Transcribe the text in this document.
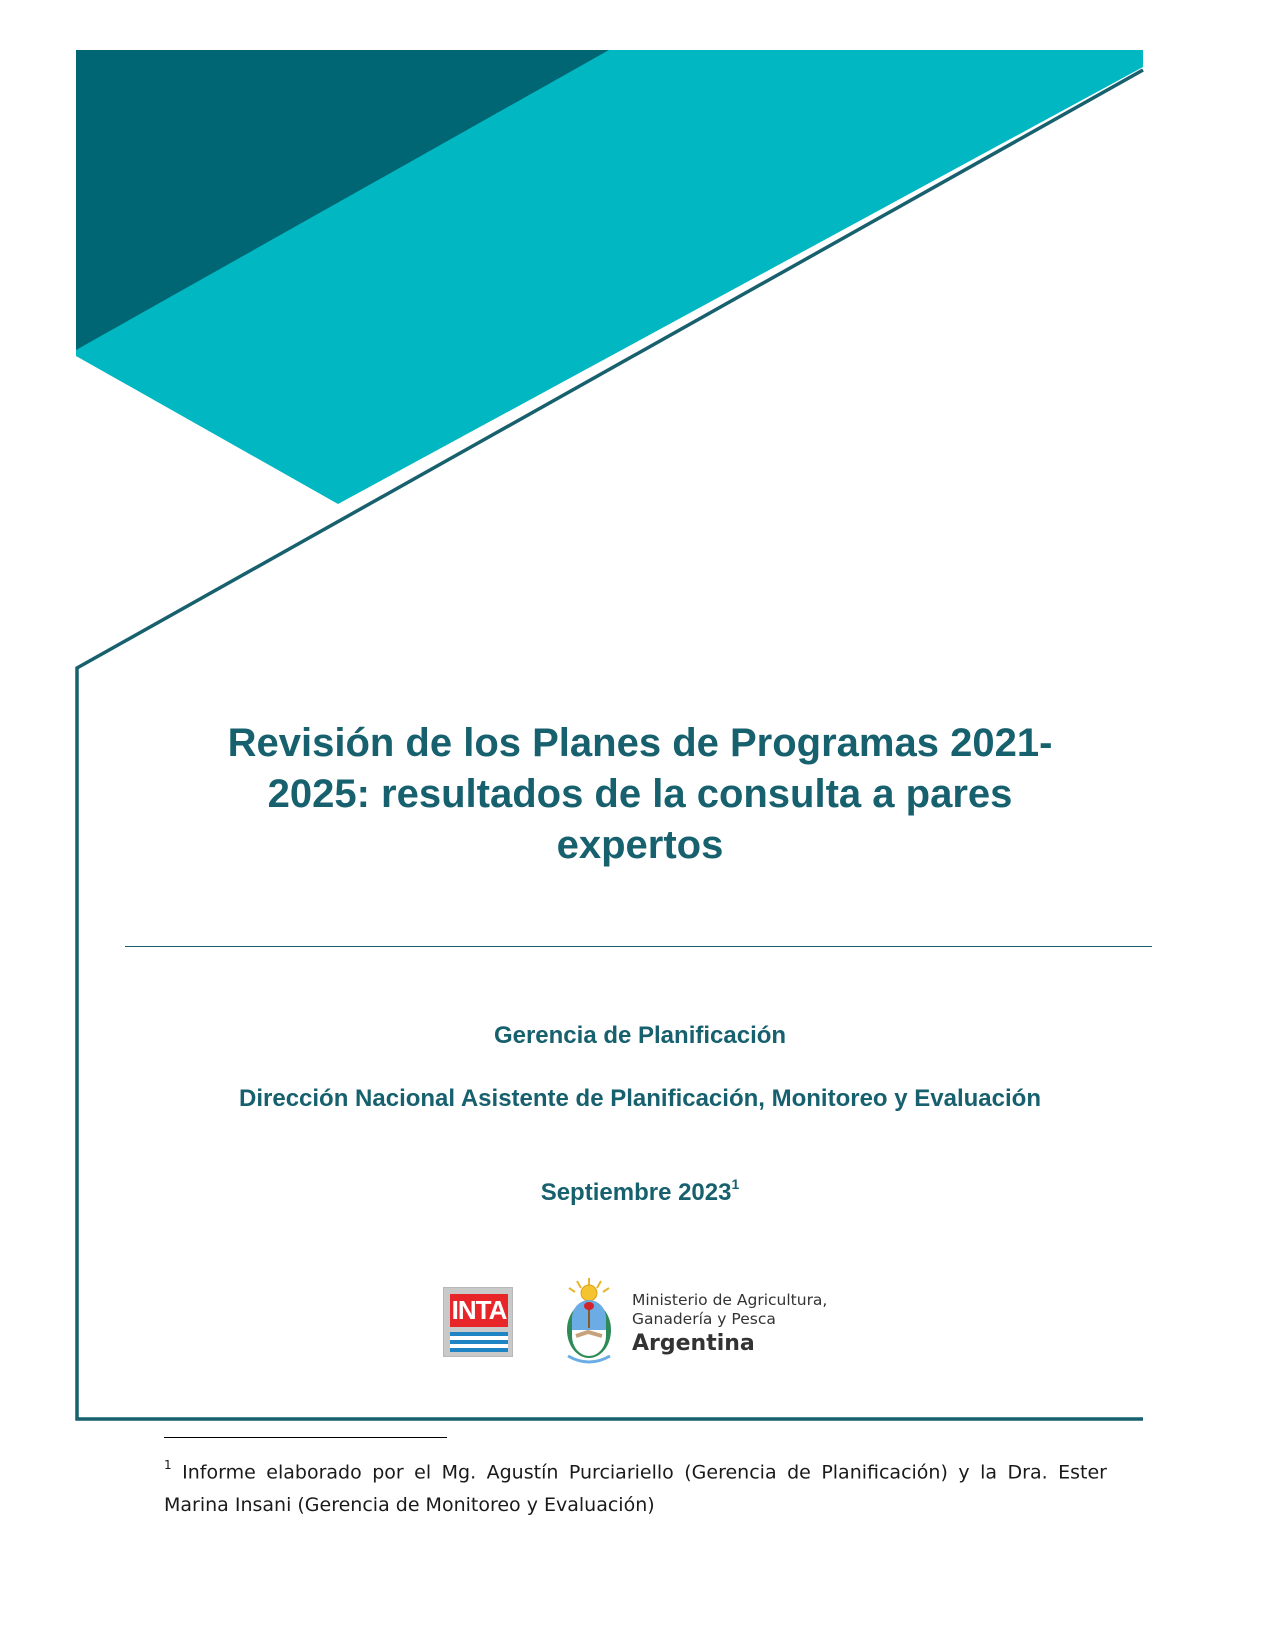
Revisión de los Planes de Programas 2021-
2025: resultados de la consulta a pares
expertos
Gerencia de Planificación
Dirección Nacional Asistente de Planificación, Monitoreo y Evaluación
Septiembre 2023$^1$
INTA	Ministerio de Agricultura,
Ganadería y Pesca
Argentina
$^1$ Informe elaborado por el Mg. Agustín Purciariello (Gerencia de Planificación) y la Dra. Ester Marina Insani (Gerencia de Monitoreo y Evaluación)
